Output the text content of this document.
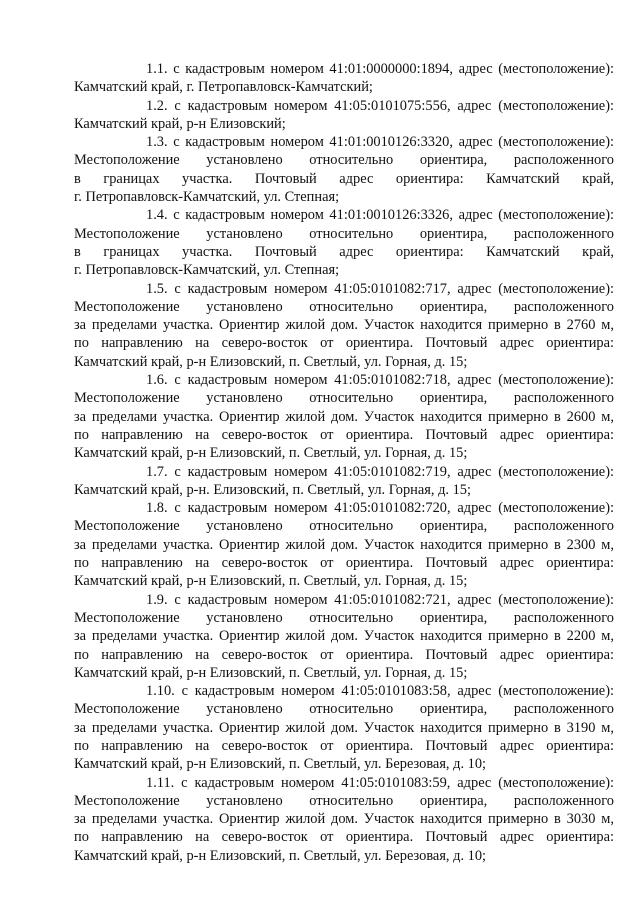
1.1. с кадастровым номером 41:01:0000000:1894, адрес (местоположение):
Камчатский край, г. Петропавловск-Камчатский;
1.2. с кадастровым номером 41:05:0101075:556, адрес (местоположение):
Камчатский край, р-н Елизовский;
1.3. с кадастровым номером 41:01:0010126:3320, адрес (местоположение):
Местоположение установлено относительно ориентира, расположенного
в границах участка. Почтовый адрес ориентира: Камчатский край,
г. Петропавловск-Камчатский, ул. Степная;
1.4. с кадастровым номером 41:01:0010126:3326, адрес (местоположение):
Местоположение установлено относительно ориентира, расположенного
в границах участка. Почтовый адрес ориентира: Камчатский край,
г. Петропавловск-Камчатский, ул. Степная;
1.5. с кадастровым номером 41:05:0101082:717, адрес (местоположение):
Местоположение установлено относительно ориентира, расположенного
за пределами участка. Ориентир жилой дом. Участок находится примерно в 2760 м,
по направлению на северо-восток от ориентира. Почтовый адрес ориентира:
Камчатский край, р-н Елизовский, п. Светлый, ул. Горная, д. 15;
1.6. с кадастровым номером 41:05:0101082:718, адрес (местоположение):
Местоположение установлено относительно ориентира, расположенного
за пределами участка. Ориентир жилой дом. Участок находится примерно в 2600 м,
по направлению на северо-восток от ориентира. Почтовый адрес ориентира:
Камчатский край, р-н Елизовский, п. Светлый, ул. Горная, д. 15;
1.7. с кадастровым номером 41:05:0101082:719, адрес (местоположение):
Камчатский край, р-н. Елизовский, п. Светлый, ул. Горная, д. 15;
1.8. с кадастровым номером 41:05:0101082:720, адрес (местоположение):
Местоположение установлено относительно ориентира, расположенного
за пределами участка. Ориентир жилой дом. Участок находится примерно в 2300 м,
по направлению на северо-восток от ориентира. Почтовый адрес ориентира:
Камчатский край, р-н Елизовский, п. Светлый, ул. Горная, д. 15;
1.9. с кадастровым номером 41:05:0101082:721, адрес (местоположение):
Местоположение установлено относительно ориентира, расположенного
за пределами участка. Ориентир жилой дом. Участок находится примерно в 2200 м,
по направлению на северо-восток от ориентира. Почтовый адрес ориентира:
Камчатский край, р-н Елизовский, п. Светлый, ул. Горная, д. 15;
1.10. с кадастровым номером 41:05:0101083:58, адрес (местоположение):
Местоположение установлено относительно ориентира, расположенного
за пределами участка. Ориентир жилой дом. Участок находится примерно в 3190 м,
по направлению на северо-восток от ориентира. Почтовый адрес ориентира:
Камчатский край, р-н Елизовский, п. Светлый, ул. Березовая, д. 10;
1.11. с кадастровым номером 41:05:0101083:59, адрес (местоположение):
Местоположение установлено относительно ориентира, расположенного
за пределами участка. Ориентир жилой дом. Участок находится примерно в 3030 м,
по направлению на северо-восток от ориентира. Почтовый адрес ориентира:
Камчатский край, р-н Елизовский, п. Светлый, ул. Березовая, д. 10;
